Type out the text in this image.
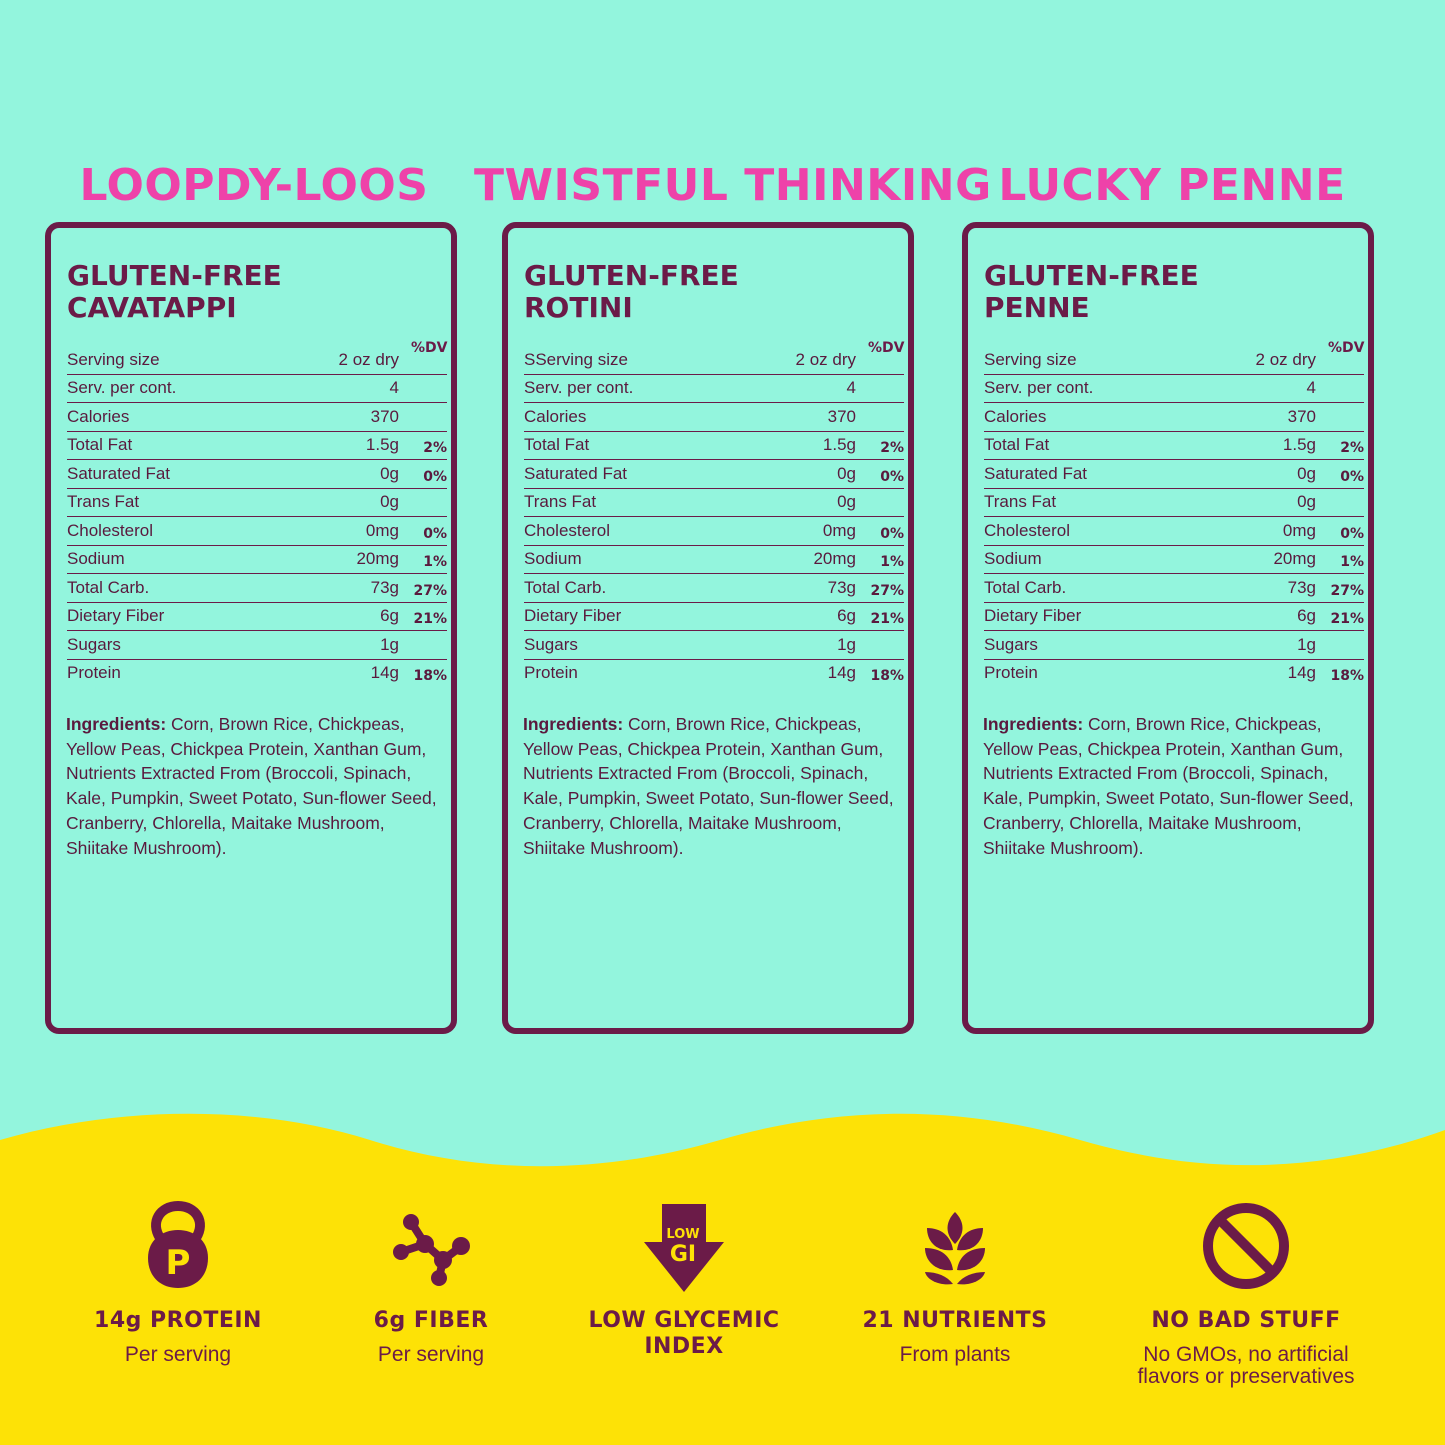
LOOPDY-LOOS	TWISTFUL THINKING LUCKY PENNE
GLUTEN-FREE
CAVATAPPI
%DV
Serving size	2 oz dry
Serv. per cont.	4
Calories	370
Total Fat	1.5g 2%
Saturated Fat	0g 0%
Trans Fat	0g
Cholesterol	0mg 0%
Sodium	20mg 1%
Total Carb.	73g 27%
Dietary Fiber	6g 21%
Sugars	1g
Protein	14g 18%

Ingredients: Corn, Brown Rice, Chickpeas, Yellow Peas, Chickpea Protein, Xanthan Gum, Nutrients Extracted From (Broccoli, Spinach, Kale, Pumpkin, Sweet Potato, Sun-flower Seed, Cranberry, Chlorella, Maitake Mushroom, Shiitake Mushroom).

GLUTEN-FREE
ROTINI
%DV
SServing size	2 oz dry
Serv. per cont.	4
Calories	370
Total Fat	1.5g 2%
Saturated Fat	0g 0%
Trans Fat	0g
Cholesterol	0mg 0%
Sodium	20mg 1%
Total Carb.	73g 27%
Dietary Fiber	6g 21%
Sugars	1g
Protein	14g 18%

Ingredients: Corn, Brown Rice, Chickpeas, Yellow Peas, Chickpea Protein, Xanthan Gum, Nutrients Extracted From (Broccoli, Spinach, Kale, Pumpkin, Sweet Potato, Sun-flower Seed, Cranberry, Chlorella, Maitake Mushroom, Shiitake Mushroom).

GLUTEN-FREE
PENNE
%DV
Serving size	2 oz dry
Serv. per cont.	4
Calories	370
Total Fat	1.5g 2%
Saturated Fat	0g 0%
Trans Fat	0g
Cholesterol	0mg 0%
Sodium	20mg 1%
Total Carb.	73g 27%
Dietary Fiber	6g 21%
Sugars	1g
Protein	14g 18%

Ingredients: Corn, Brown Rice, Chickpeas, Yellow Peas, Chickpea Protein, Xanthan Gum, Nutrients Extracted From (Broccoli, Spinach, Kale, Pumpkin, Sweet Potato, Sun-flower Seed, Cranberry, Chlorella, Maitake Mushroom, Shiitake Mushroom).

P
14g PROTEIN
Per serving
6g FIBER
Per serving
LOW
GI
LOW GLYCEMIC INDEX
21 NUTRIENTS
From plants
NO BAD STUFF
No GMOs, no artificial flavors or preservatives
